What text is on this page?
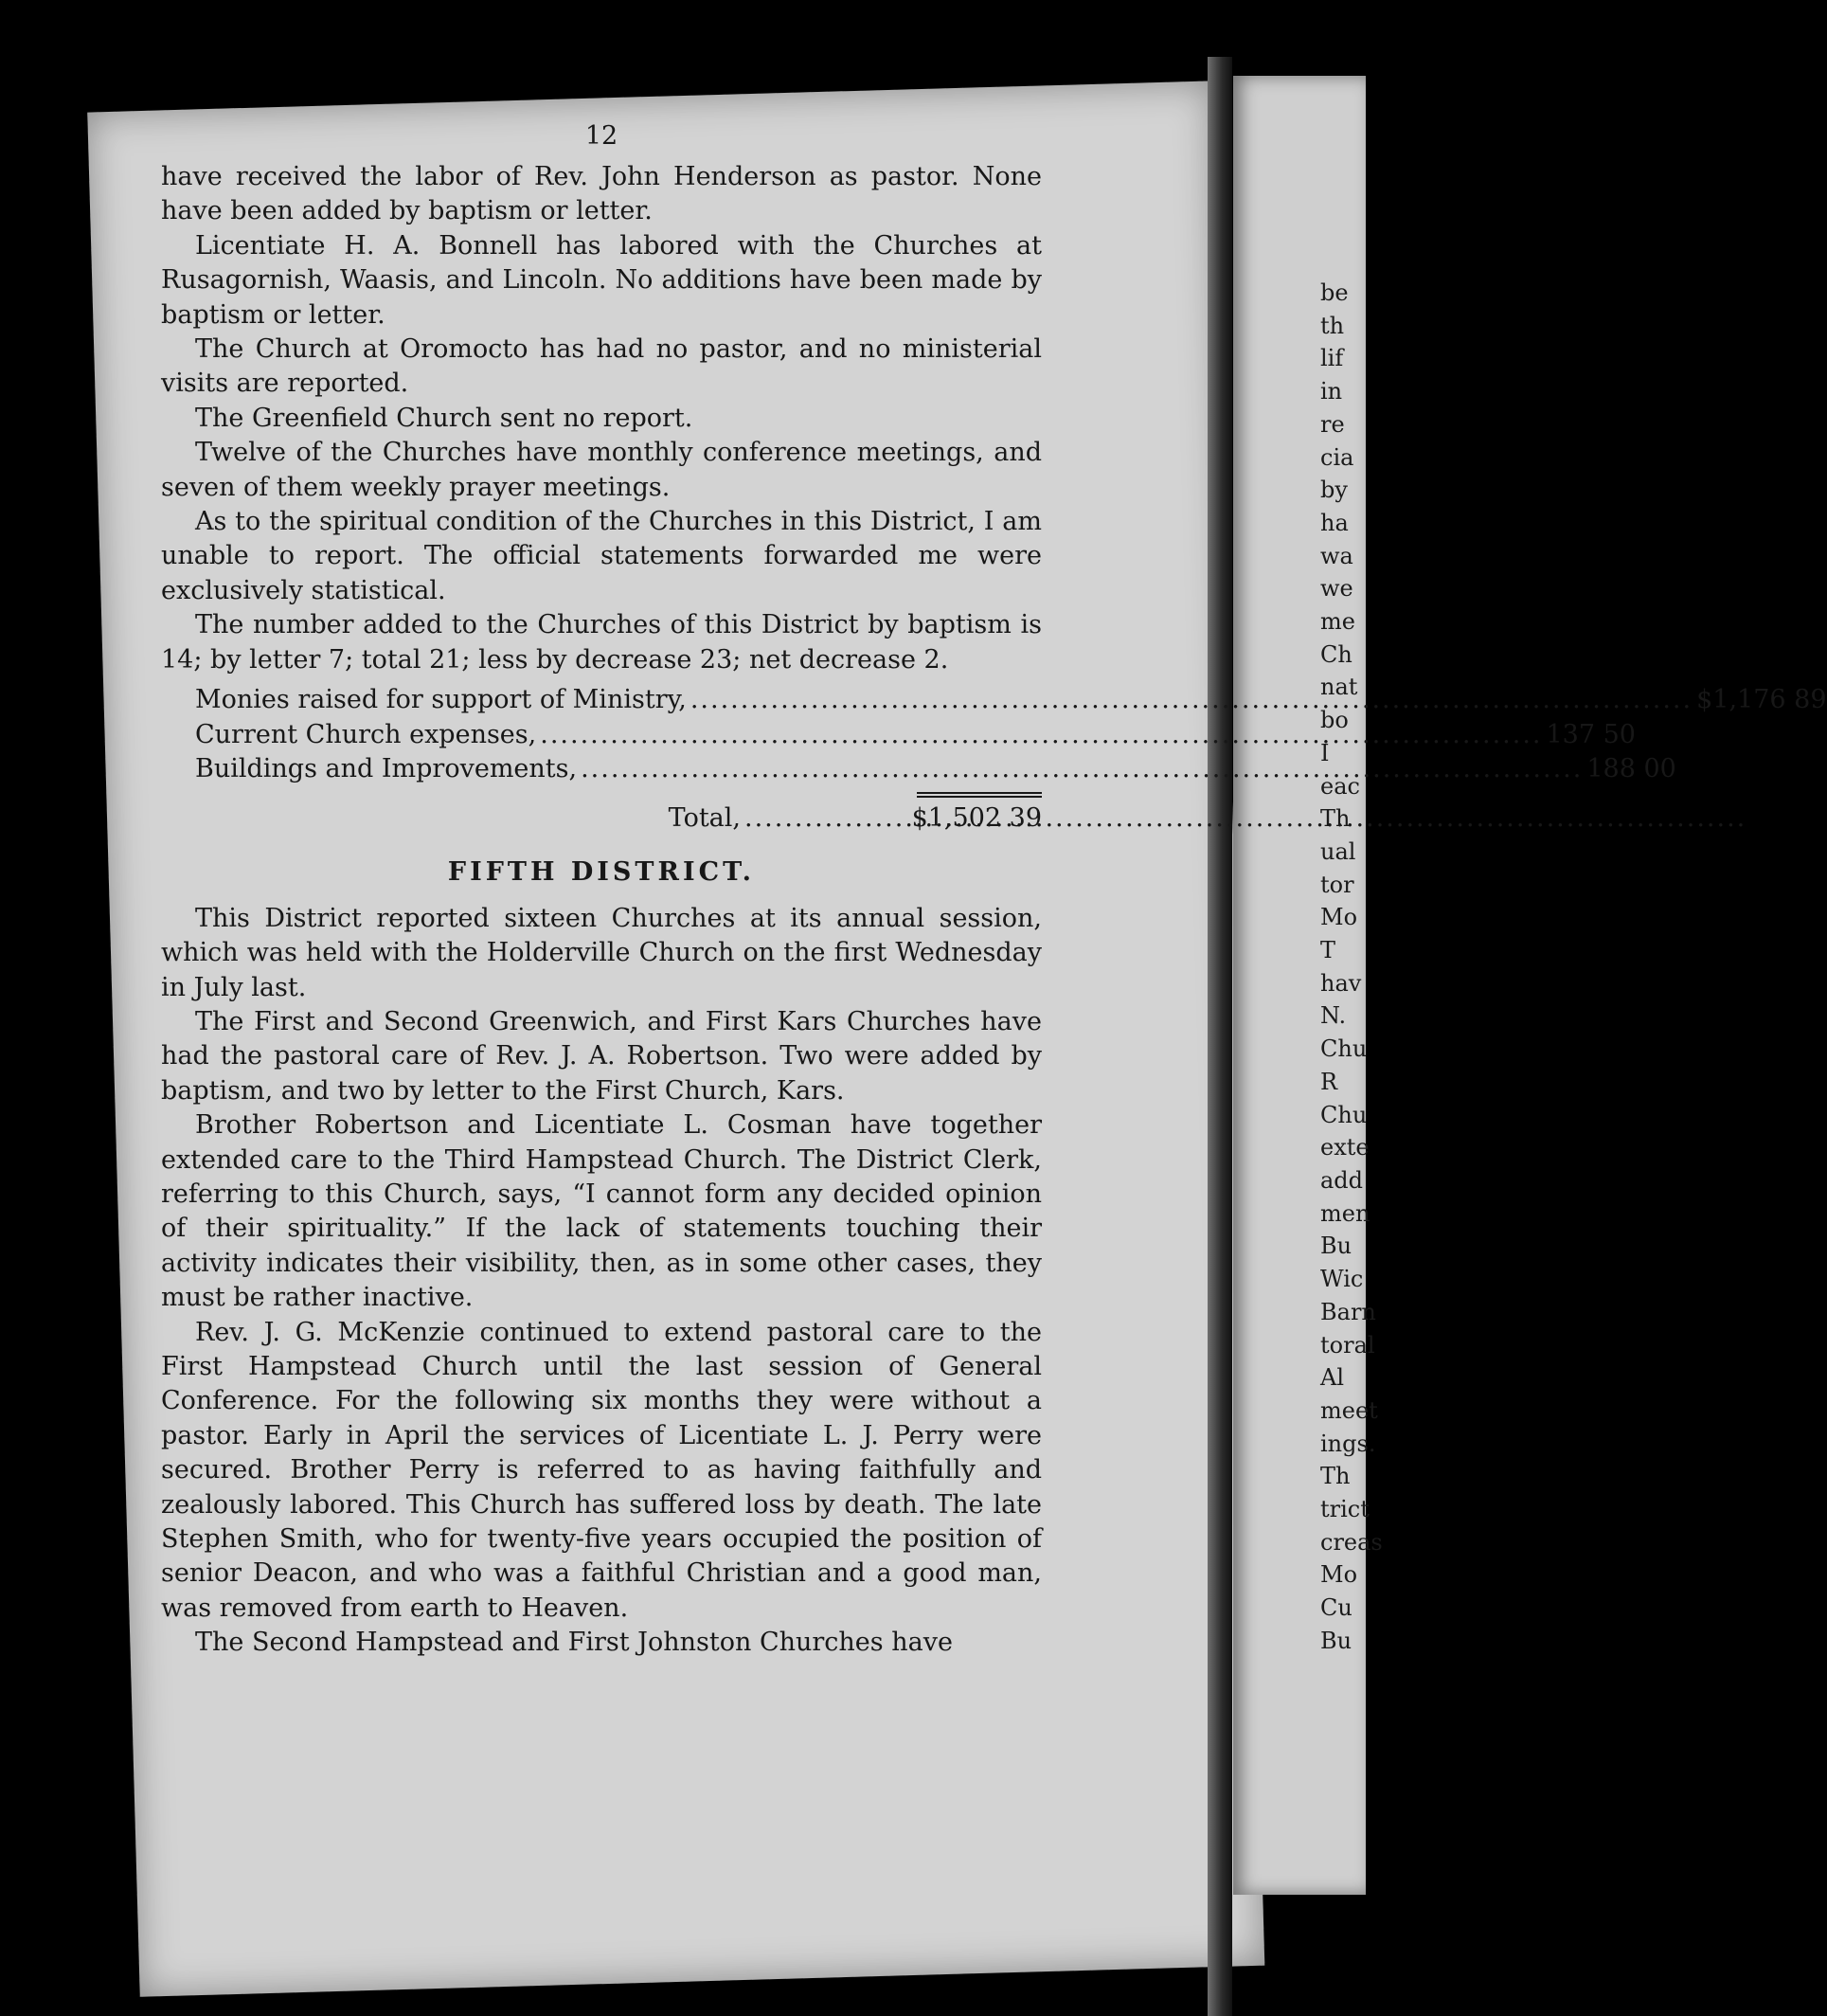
12

have received the labor of Rev. John Henderson as pastor. None have been added by baptism or letter.

Licentiate H. A. Bonnell has labored with the Churches at Rusagornish, Waasis, and Lincoln. No additions have been made by baptism or letter.

The Church at Oromocto has had no pastor, and no ministerial visits are reported.

The Greenfield Church sent no report.

Twelve of the Churches have monthly conference meetings, and seven of them weekly prayer meetings.

As to the spiritual condition of the Churches in this District, I am unable to report. The official statements forwarded me were exclusively statistical.

The number added to the Churches of this District by baptism is 14; by letter 7; total 21; less by decrease 23; net decrease 2.

Monies raised for support of Ministry, .....	$1,176 89
Current Church expenses, .....	137 50
Buildings and Improvements, .....	188 00
Total, .....	$1,502 39
FIFTH DISTRICT.

This District reported sixteen Churches at its annual session, which was held with the Holderville Church on the first Wednesday in July last.

The First and Second Greenwich, and First Kars Churches have had the pastoral care of Rev. J. A. Robertson. Two were added by baptism, and two by letter to the First Church, Kars.

Brother Robertson and Licentiate L. Cosman have together extended care to the Third Hampstead Church. The District Clerk, referring to this Church, says, “I cannot form any decided opinion of their spirituality.” If the lack of statements touching their activity indicates their visibility, then, as in some other cases, they must be rather inactive.

Rev. J. G. McKenzie continued to extend pastoral care to the First Hampstead Church until the last session of General Conference. For the following six months they were without a pastor. Early in April the services of Licentiate L. J. Perry were secured. Brother Perry is referred to as having faithfully and zealously labored. This Church has suffered loss by death. The late Stephen Smith, who for twenty-five years occupied the position of senior Deacon, and who was a faithful Christian and a good man, was removed from earth to Heaven.

The Second Hampstead and First Johnston Churches have

be
th
lif
in
re
cia
by
ha
wa
we
me
Ch
nat
bo
I
eac
Th
ual
tor
Mo
T
hav
N.
Chu
R
Chu
exte
add
men
Bu
Wic
Barn
toral
Al
meet
ings.
Th
trict
creas
Mo
Cu
Bu
